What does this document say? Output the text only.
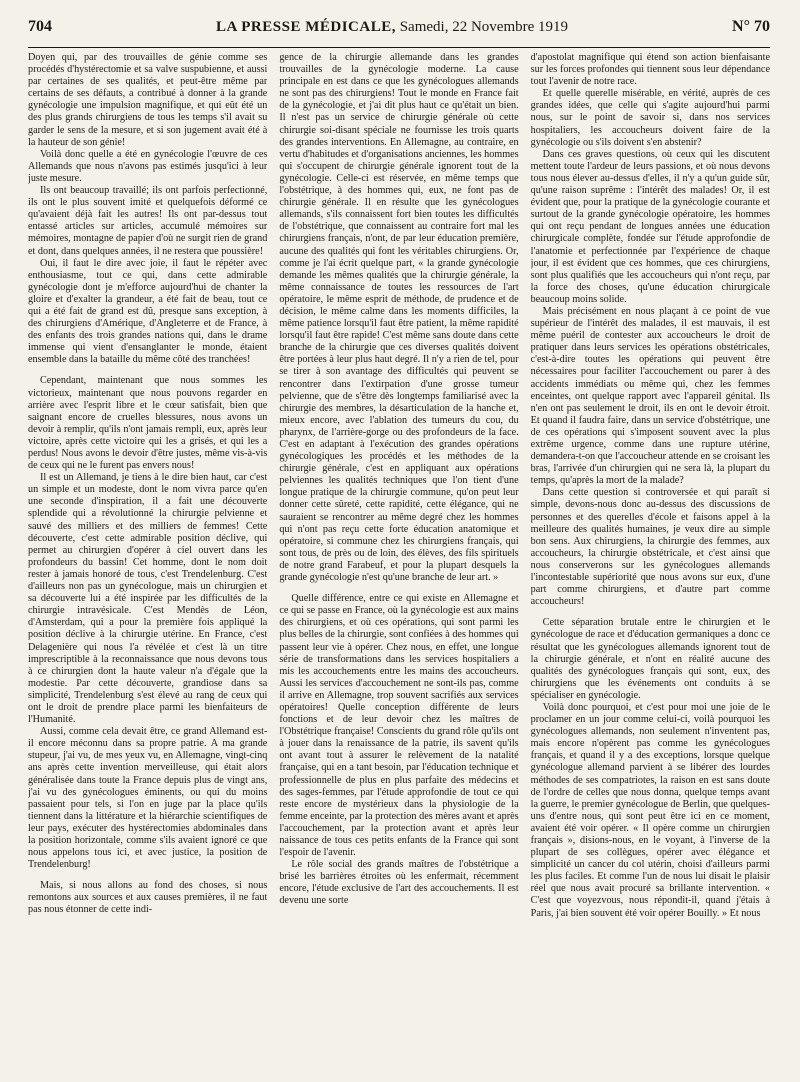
704	LA PRESSE MÉDICALE, Samedi, 22 Novembre 1919	N° 70

Doyen qui, par des trouvailles de génie comme ses procédés d'hystérectomie et sa valve suspubienne, et aussi par certaines de ses qualités, et peut-être même par certains de ses défauts, a contribué à donner à la grande gynécologie une impulsion magnifique, et qui eût été un des plus grands chirurgiens de tous les temps s'il avait su garder le sens de la mesure, et si son jugement avait été à la hauteur de son génie!

Voilà donc quelle a été en gynécologie l'œuvre de ces Allemands que nous n'avons pas estimés jusqu'ici à leur juste mesure.

Ils ont beaucoup travaillé; ils ont parfois perfectionné, ils ont le plus souvent imité et quelquefois déformé ce qu'avaient déjà fait les autres! Ils ont par-dessus tout entassé articles sur articles, accumulé mémoires sur mémoires, montagne de papier d'où ne surgit rien de grand et dont, dans quelques années, il ne restera que poussière!

Oui, il faut le dire avec joie, il faut le répéter avec enthousiasme, tout ce qui, dans cette admirable gynécologie dont je m'efforce aujourd'hui de chanter la gloire et d'exalter la grandeur, a été fait de beau, tout ce qui a été fait de grand est dû, presque sans exception, à des chirurgiens d'Amérique, d'Angleterre et de France, à des enfants des trois grandes nations qui, dans le drame immense qui vient d'ensanglanter le monde, étaient ensemble dans la bataille du même côté des tranchées!

Cependant, maintenant que nous sommes les victorieux, maintenant que nous pouvons regarder en arrière avec l'esprit libre et le cœur satisfait, bien que saignant encore de cruelles blessures, nous avons un devoir à remplir, qu'ils n'ont jamais rempli, eux, après leur victoire, après cette victoire qui les a grisés, et qui les a perdus! Nous avons le devoir d'être justes, même vis-à-vis de ceux qui ne le furent pas envers nous!

Il est un Allemand, je tiens à le dire bien haut, car c'est un simple et un modeste, dont le nom vivra parce qu'en une seconde d'inspiration, il a fait une découverte splendide qui a révolutionné la chirurgie pelvienne et sauvé des milliers et des milliers de femmes! Cette découverte, c'est cette admirable position déclive, qui permet au chirurgien d'opérer à ciel ouvert dans les profondeurs du bassin! Cet homme, dont le nom doit rester à jamais honoré de tous, c'est Trendelenburg. C'est d'ailleurs non pas un gynécologue, mais un chirurgien et sa découverte lui a été inspirée par les difficultés de la chirurgie intravésicale. C'est Mendès de Léon, d'Amsterdam, qui a pour la première fois appliqué la position déclive à la chirurgie utérine. En France, c'est Delagenière qui nous l'a révélée et c'est là un titre imprescriptible à la reconnaissance que nous devons tous à ce chirurgien dont la haute valeur n'a d'égale que la modestie. Par cette découverte, grandiose dans sa simplicité, Trendelenburg s'est élevé au rang de ceux qui ont le droit de prendre place parmi les bienfaiteurs de l'Humanité.

Aussi, comme cela devait être, ce grand Allemand est-il encore méconnu dans sa propre patrie. A ma grande stupeur, j'ai vu, de mes yeux vu, en Allemagne, vingt-cinq ans après cette invention merveilleuse, qui était alors généralisée dans toute la France depuis plus de vingt ans, j'ai vu des gynécologues éminents, ou qui du moins passaient pour tels, si l'on en juge par la place qu'ils tiennent dans la littérature et la hiérarchie scientifiques de leur pays, exécuter des hystérectomies abdominales dans la position horizontale, comme s'ils avaient ignoré ce que nous appelons tous ici, et avec justice, la position de Trendelenburg!

Mais, si nous allons au fond des choses, si nous remontons aux sources et aux causes premières, il ne faut pas nous étonner de cette indi-

gence de la chirurgie allemande dans les grandes trouvailles de la gynécologie moderne. La cause principale en est dans ce que les gynécologues allemands ne sont pas des chirurgiens! Tout le monde en France fait de la gynécologie, et j'ai dit plus haut ce qu'était un bien. Il n'est pas un service de chirurgie générale où cette chirurgie soi-disant spéciale ne fournisse les trois quarts des grandes interventions. En Allemagne, au contraire, en vertu d'habitudes et d'organisations anciennes, les hommes qui s'occupent de chirurgie générale ignorent tout de la gynécologie. Celle-ci est réservée, en même temps que l'obstétrique, à des hommes qui, eux, ne font pas de chirurgie générale. Il en résulte que les gynécologues allemands, s'ils connaissent fort bien toutes les difficultés de l'obstétrique, que connaissent au contraire fort mal les chirurgiens français, n'ont, de par leur éducation première, aucune des qualités qui font les véritables chirurgiens. Or, comme je l'ai écrit quelque part, « la grande gynécologie demande les mêmes qualités que la chirurgie générale, la même connaissance de toutes les ressources de l'art opératoire, le même esprit de méthode, de prudence et de décision, le même calme dans les moments difficiles, la même patience lorsqu'il faut être patient, la même rapidité lorsqu'il faut être rapide! C'est même sans doute dans cette branche de la chirurgie que ces diverses qualités doivent être portées à leur plus haut degré. Il n'y a rien de tel, pour se tirer à son avantage des difficultés qui peuvent se rencontrer dans l'extirpation d'une grosse tumeur pelvienne, que de s'être dès longtemps familiarisé avec la chirurgie des membres, la désarticulation de la hanche et, mieux encore, avec l'ablation des tumeurs du cou, du pharynx, de l'arrière-gorge ou des profondeurs de la face. C'est en adaptant à l'exécution des grandes opérations gynécologiques les procédés et les méthodes de la chirurgie générale, c'est en appliquant aux opérations pelviennes les qualités techniques que l'on tient d'une longue pratique de la chirurgie commune, qu'on peut leur donner cette sûreté, cette rapidité, cette élégance, qui ne sauraient se rencontrer au même degré chez les hommes qui n'ont pas reçu cette forte éducation anatomique et opératoire, si commune chez les chirurgiens français, qui sont tous, de près ou de loin, des élèves, des fils spirituels de notre grand Farabeuf, et pour la plupart desquels la grande gynécologie n'est qu'une branche de leur art. »

Quelle différence, entre ce qui existe en Allemagne et ce qui se passe en France, où la gynécologie est aux mains des chirurgiens, et où ces opérations, qui sont parmi les plus belles de la chirurgie, sont confiées à des hommes qui passent leur vie à opérer. Chez nous, en effet, une longue série de transformations dans les services hospitaliers a mis les accouchements entre les mains des accoucheurs. Aussi les services d'accouchement ne sont-ils pas, comme il arrive en Allemagne, trop souvent sacrifiés aux services opératoires! Quelle conception différente de leurs fonctions et de leur devoir chez les maîtres de l'Obstétrique française! Conscients du grand rôle qu'ils ont à jouer dans la renaissance de la patrie, ils savent qu'ils ont avant tout à assurer le relèvement de la natalité française, qui en a tant besoin, par l'éducation technique et professionnelle de plus en plus parfaite des médecins et des sages-femmes, par l'étude approfondie de tout ce qui reste encore de mystérieux dans la physiologie de la femme enceinte, par la protection des mères avant et après l'accouchement, par la protection avant et après leur naissance de tous ces petits enfants de la France qui sont l'espoir de l'avenir.

Le rôle social des grands maîtres de l'obstétrique a brisé les barrières étroites où les enfermait, récemment encore, l'étude exclusive de l'art des accouchements. Il est devenu une sorte

d'apostolat magnifique qui étend son action bienfaisante sur les forces profondes qui tiennent sous leur dépendance tout l'avenir de notre race.

Et quelle querelle misérable, en vérité, auprès de ces grandes idées, que celle qui s'agite aujourd'hui parmi nous, sur le point de savoir si, dans nos services hospitaliers, les accoucheurs doivent faire de la gynécologie ou s'ils doivent s'en abstenir?

Dans ces graves questions, où ceux qui les discutent mettent toute l'ardeur de leurs passions, et où nous devons tous nous élever au-dessus d'elles, il n'y a qu'un guide sûr, qu'une raison suprême : l'intérêt des malades! Or, il est évident que, pour la pratique de la gynécologie courante et surtout de la grande gynécologie opératoire, les hommes qui ont reçu pendant de longues années une éducation chirurgicale complète, fondée sur l'étude approfondie de l'anatomie et perfectionnée par l'expérience de chaque jour, il est évident que ces hommes, que ces chirurgiens, sont plus qualifiés que les accoucheurs qui n'ont reçu, par la force des choses, qu'une éducation chirurgicale beaucoup moins solide.

Mais précisément en nous plaçant à ce point de vue supérieur de l'intérêt des malades, il est mauvais, il est même puéril de contester aux accoucheurs le droit de pratiquer dans leurs services les opérations obstétricales, c'est-à-dire toutes les opérations qui peuvent être nécessaires pour faciliter l'accouchement ou parer à des accidents immédiats ou même qui, chez les femmes enceintes, ont quelque rapport avec l'appareil génital. Ils n'en ont pas seulement le droit, ils en ont le devoir étroit. Et quand il faudra faire, dans un service d'obstétrique, une de ces opérations qui s'imposent souvent avec la plus extrême urgence, comme dans une rupture utérine, demandera-t-on que l'accoucheur attende en se croisant les bras, l'arrivée d'un chirurgien qui ne sera là, la plupart du temps, qu'après la mort de la malade?

Dans cette question si controversée et qui paraît si simple, devons-nous donc au-dessus des discussions de personnes et des querelles d'école et faisons appel à la meilleure des qualités humaines, je veux dire au simple bon sens. Aux chirurgiens, la chirurgie des femmes, aux accoucheurs, la chirurgie obstétricale, et c'est ainsi que nous conserverons sur les gynécologues allemands l'incontestable supériorité que nous avons sur eux, d'une part comme chirurgiens, et d'autre part comme accoucheurs!

Cette séparation brutale entre le chirurgien et le gynécologue de race et d'éducation germaniques a donc ce résultat que les gynécologues allemands ignorent tout de la chirurgie générale, et n'ont en réalité aucune des qualités des gynécologues français qui sont, eux, des chirurgiens que les événements ont conduits à se spécialiser en gynécologie.

Voilà donc pourquoi, et c'est pour moi une joie de le proclamer en un jour comme celui-ci, voilà pourquoi les gynécologues allemands, non seulement n'inventent pas, mais encore n'opèrent pas comme les gynécologues français, et quand il y a des exceptions, lorsque quelque gynécologue allemand parvient à se libérer des lourdes méthodes de ses compatriotes, la raison en est sans doute de l'ordre de celles que nous donna, quelque temps avant la guerre, le premier gynécologue de Berlin, que quelques-uns d'entre nous, qui sont peut être ici en ce moment, avaient été voir opérer. « Il opère comme un chirurgien français », disions-nous, en le voyant, à l'inverse de la plupart de ses collègues, opérer avec élégance et simplicité un cancer du col utérin, choisi d'ailleurs parmi les plus faciles. Et comme l'un de nous lui disait le plaisir réel que nous avait procuré sa brillante intervention. « C'est que voyezvous, nous répondit-il, quand j'étais à Paris, j'ai bien souvent été voir opérer Bouilly. » Et nous
